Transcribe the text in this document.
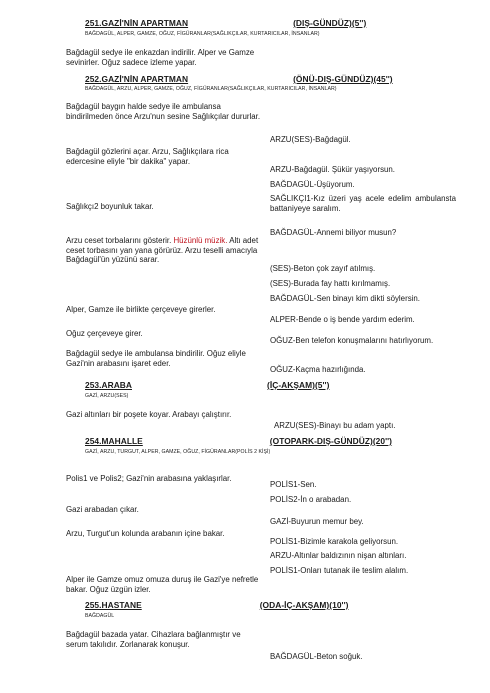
251.GAZİ'NİN APARTMAN	(DIŞ-GÜNDÜZ)(5'')
BAĞDAGÜL, ALPER, GAMZE, OĞUZ, FİGÜRANLAR(SAĞLIKÇILAR, KURTARICILAR, İNSANLAR)
Bağdagül sedye ile enkazdan indirilir. Alper ve Gamze sevinirler. Oğuz sadece izleme yapar.
252.GAZİ'NİN APARTMAN	(ÖNÜ-DIŞ-GÜNDÜZ)(45'')
BAĞDAGÜL, ARZU, ALPER, GAMZE, OĞUZ, FİGÜRANLAR(SAĞLIKÇILAR, KURTARICILAR, İNSANLAR)
Bağdagül baygın halde sedye ile ambulansa bindirilmeden önce Arzu'nun sesine Sağlıkçılar dururlar.
Bağdagül gözlerini açar. Arzu, Sağlıkçılara rica edercesine eliyle "bir dakika" yapar.
Sağlıkçı2 boyunluk takar.
Arzu ceset torbalarını gösterir. Hüzünlü müzik. Altı adet ceset torbasını yan yana görürüz. Arzu teselli amacıyla Bağdagül'ün yüzünü sarar.
Alper, Gamze ile birlikte çerçeveye girerler.
Oğuz çerçeveye girer.
Bağdagül sedye ile ambulansa bindirilir. Oğuz eliyle Gazi'nin arabasını işaret eder.
ARZU(SES)-Bağdagül.
ARZU-Bağdagül. Şükür yaşıyorsun.
BAĞDAGÜL-Üşüyorum.
SAĞLIKÇI1-Kız üzeri yaş acele edelim ambulansta battaniyeye saralım.
BAĞDAGÜL-Annemi biliyor musun?
(SES)-Beton çok zayıf atılmış.
(SES)-Burada fay hattı kırılmamış.
BAĞDAGÜL-Sen binayı kim dikti söylersin.
ALPER-Bende o iş bende yardım ederim.
OĞUZ-Ben telefon konuşmalarını hatırlıyorum.
OĞUZ-Kaçma hazırlığında.
253.ARABA	(İÇ-AKŞAM)(5'')
GAZİ, ARZU(SES)
Gazi altınları bir poşete koyar. Arabayı çalıştırır.
ARZU(SES)-Binayı bu adam yaptı.
254.MAHALLE	(OTOPARK-DIŞ-GÜNDÜZ)(20'')
GAZİ, ARZU, TURGUT, ALPER, GAMZE, OĞUZ, FİGÜRANLAR(POLİS 2 KİŞİ)
Polis1 ve Polis2; Gazi'nin arabasına yaklaşırlar.
Gazi arabadan çıkar.
Arzu, Turgut'un kolunda arabanın içine bakar.
Alper ile Gamze omuz omuza duruş ile Gazi'ye nefretle bakar. Oğuz üzgün izler.
POLİS1-Sen.
POLİS2-İn o arabadan.
GAZİ-Buyurun memur bey.
POLİS1-Bizimle karakola geliyorsun.
ARZU-Altınlar baldızının nişan altınları.
POLİS1-Onları tutanak ile teslim alalım.
255.HASTANE	(ODA-İÇ-AKŞAM)(10'')
BAĞDAGÜL
Bağdagül bazada yatar. Cihazlara bağlanmıştır ve serum takılıdır. Zorlanarak konuşur.
BAĞDAGÜL-Beton soğuk.
